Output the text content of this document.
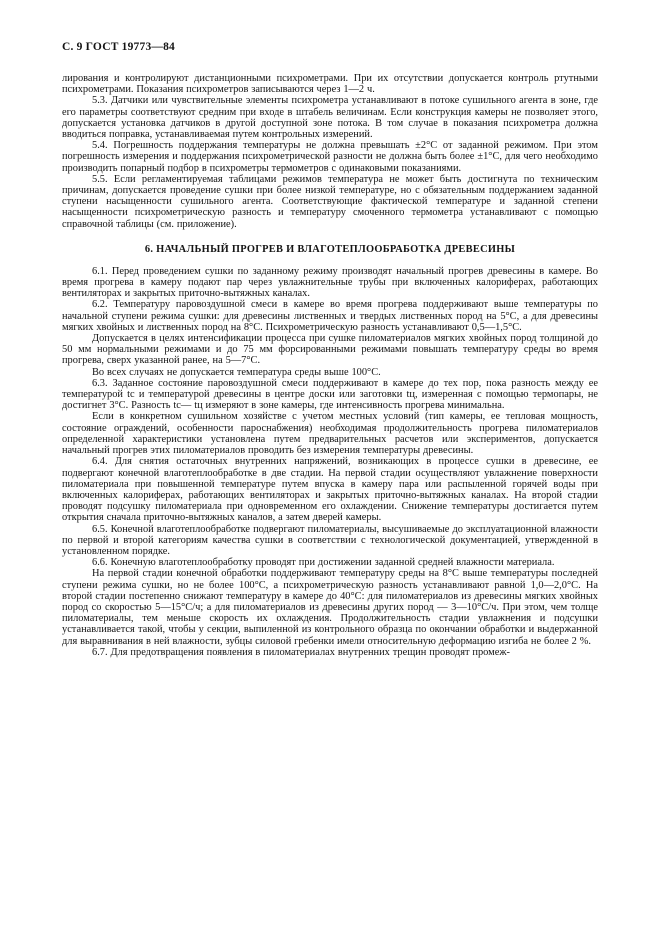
С. 9 ГОСТ 19773—84

лирования и контролируют дистанционными психрометрами. При их отсутствии допускается контроль ртутными психрометрами. Показания психрометров записываются через 1—2 ч.

5.3. Датчики или чувствительные элементы психрометра устанавливают в потоке сушильного агента в зоне, где его параметры соответствуют средним при входе в штабель величинам. Если конструкция камеры не позволяет этого, допускается установка датчиков в другой доступной зоне потока. В том случае в показания психрометра должна вводиться поправка, устанавливаемая путем контрольных измерений.

5.4. Погрешность поддержания температуры не должна превышать ±2°С от заданной режимом. При этом погрешность измерения и поддержания психрометрической разности не должна быть более ±1°С, для чего необходимо производить попарный подбор в психрометры термометров с одинаковыми показаниями.

5.5. Если регламентируемая таблицами режимов температура не может быть достигнута по техническим причинам, допускается проведение сушки при более низкой температуре, но с обязательным поддержанием заданной ступени насыщенности сушильного агента. Соответствующие фактической температуре и заданной степени насыщенности психрометрическую разность и температуру смоченного термометра устанавливают с помощью справочной таблицы (см. приложение).

6. НАЧАЛЬНЫЙ ПРОГРЕВ И ВЛАГОТЕПЛООБРАБОТКА ДРЕВЕСИНЫ

6.1. Перед проведением сушки по заданному режиму производят начальный прогрев древесины в камере. Во время прогрева в камеру подают пар через увлажнительные трубы при включенных калориферах, работающих вентиляторах и закрытых приточно-вытяжных каналах.

6.2. Температуру паровоздушной смеси в камере во время прогрева поддерживают выше температуры по начальной ступени режима сушки: для древесины лиственных и твердых лиственных пород на 5°С, а для древесины мягких хвойных и лиственных пород на 8°С. Психрометрическую разность устанавливают 0,5—1,5°С.

Допускается в целях интенсификации процесса при сушке пиломатериалов мягких хвойных пород толщиной до 50 мм нормальными режимами и до 75 мм форсированными режимами повышать температуру среды во время прогрева, сверх указанной ранее, на 5—7°С.

Во всех случаях не допускается температура среды выше 100°С.

6.3. Заданное состояние паровоздушной смеси поддерживают в камере до тех пор, пока разность между ее температурой tс и температурой древесины в центре доски или заготовки tц, измеренная с помощью термопары, не достигнет 3°С. Разность tс— tц измеряют в зоне камеры, где интенсивность прогрева минимальна.

Если в конкретном сушильном хозяйстве с учетом местных условий (тип камеры, ее тепловая мощность, состояние ограждений, особенности пароснабжения) необходимая продолжительность прогрева пиломатериалов определенной характеристики установлена путем предварительных расчетов или экспериментов, допускается начальный прогрев этих пиломатериалов проводить без измерения температуры древесины.

6.4. Для снятия остаточных внутренних напряжений, возникающих в процессе сушки в древесине, ее подвергают конечной влаготеплообработке в две стадии. На первой стадии осуществляют увлажнение поверхности пиломатериала при повышенной температуре путем впуска в камеру пара или распыленной горячей воды при включенных калориферах, работающих вентиляторах и закрытых приточно-вытяжных каналах. На второй стадии проводят подсушку пиломатериала при одновременном его охлаждении. Снижение температуры достигается путем открытия сначала приточно-вытяжных каналов, а затем дверей камеры.

6.5. Конечной влаготеплообработке подвергают пиломатериалы, высушиваемые до эксплуатационной влажности по первой и второй категориям качества сушки в соответствии с технологической документацией, утвержденной в установленном порядке.

6.6. Конечную влаготеплообработку проводят при достижении заданной средней влажности материала.

На первой стадии конечной обработки поддерживают температуру среды на 8°С выше температуры последней ступени режима сушки, но не более 100°С, а психрометрическую разность устанавливают равной 1,0—2,0°С. На второй стадии постепенно снижают температуру в камере до 40°С: для пиломатериалов из древесины мягких хвойных пород со скоростью 5—15°С/ч; а для пиломатериалов из древесины других пород — 3—10°С/ч. При этом, чем толще пиломатериалы, тем меньше скорость их охлаждения. Продолжительность стадии увлажнения и подсушки устанавливается такой, чтобы у секции, выпиленной из контрольного образца по окончании обработки и выдержанной для выравнивания в ней влажности, зубцы силовой гребенки имели относительную деформацию изгиба не более 2 %.

6.7. Для предотвращения появления в пиломатериалах внутренних трещин проводят промеж-
